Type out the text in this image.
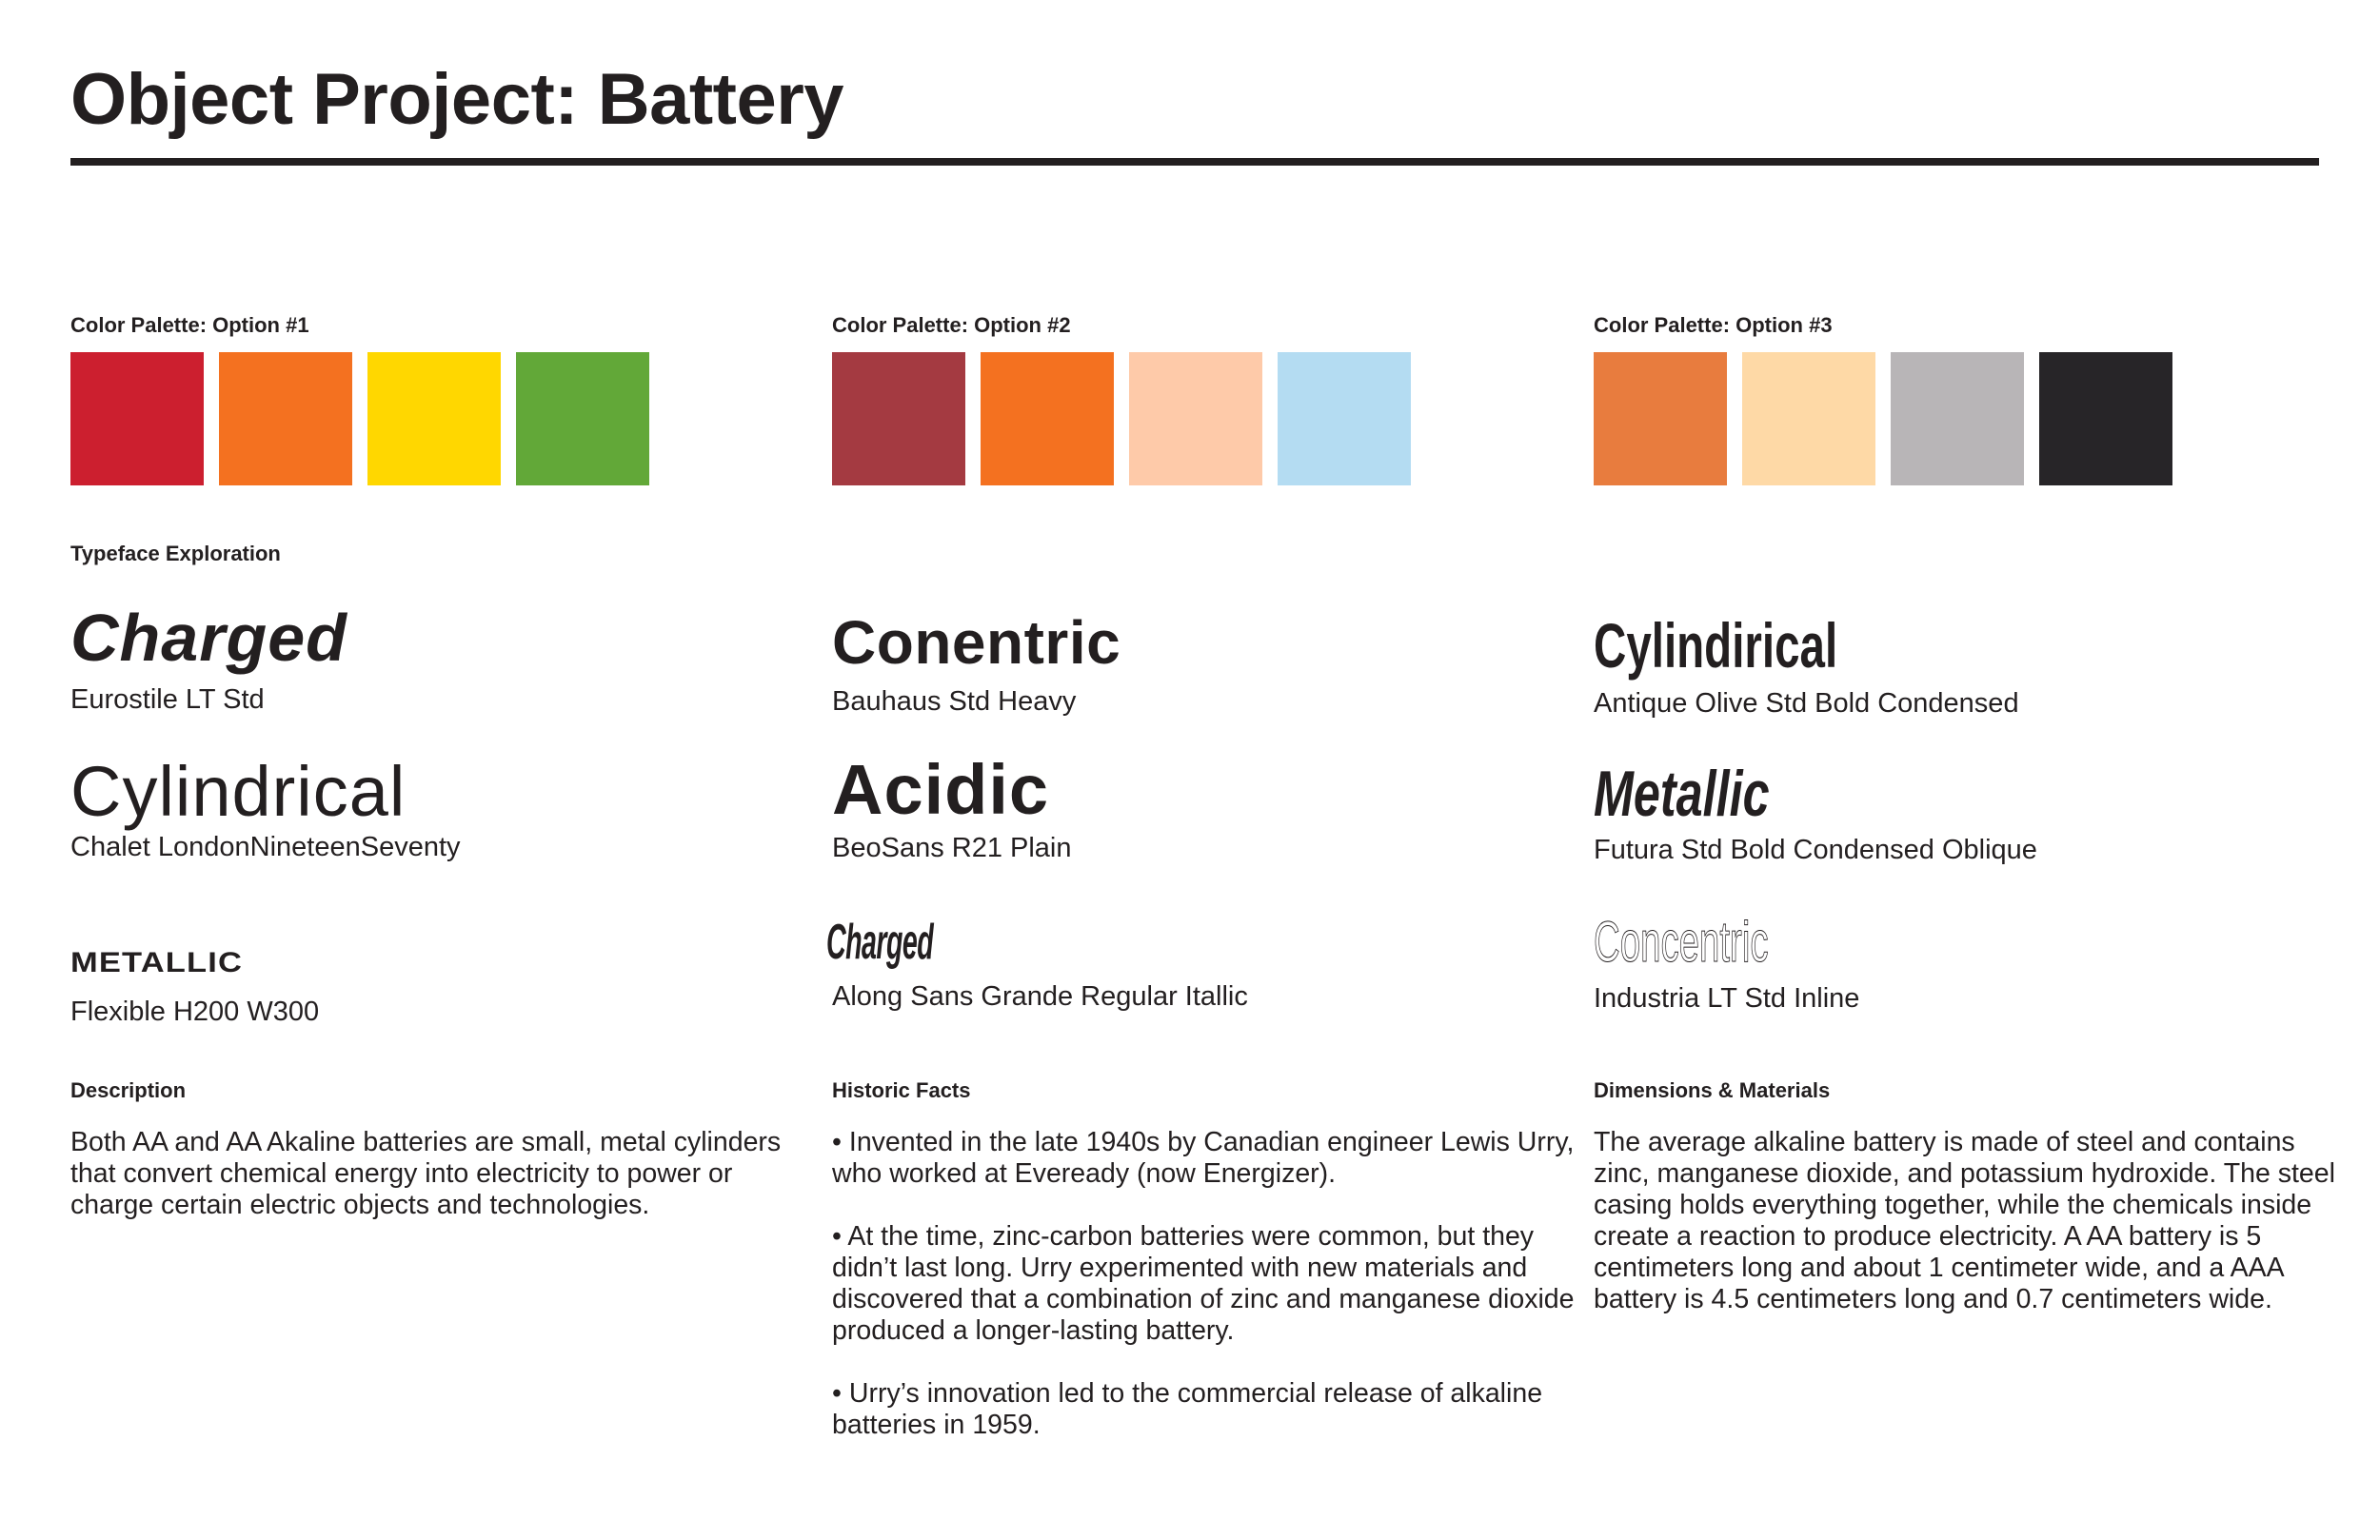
Object Project: Battery

Color Palette: Option #1

Typeface Exploration

Charged
Eurostile LT Std
Cylindrical
Chalet LondonNineteenSeventy
METALLIC
Flexible H200 W300

Description

Both AA and AA Akaline batteries are small, metal cylinders that convert chemical energy into electricity to power or charge certain electric objects and technologies.

Color Palette: Option #2

Conentric
Bauhaus Std Heavy
Acidic
BeoSans R21 Plain
Charged
Along Sans Grande Regular Itallic

Historic Facts

• Invented in the late 1940s by Canadian engineer Lewis Urry, who worked at Eveready (now Energizer).

• At the time, zinc-carbon batteries were common, but they didn’t last long. Urry experimented with new materials and discovered that a combination of zinc and manganese dioxide produced a longer-lasting battery.

• Urry’s innovation led to the commercial release of alkaline batteries in 1959.

Color Palette: Option #3

Cylindirical
Antique Olive Std Bold Condensed
Metallic
Futura Std Bold Condensed Oblique
Concentric
Industria LT Std Inline

Dimensions & Materials

The average alkaline battery is made of steel and contains zinc, manganese dioxide, and potassium hydroxide. The steel casing holds everything together, while the chemicals inside create a reaction to produce electricity. A AA battery is 5 centimeters long and about 1 centimeter wide, and a AAA battery is 4.5 centimeters long and 0.7 centimeters wide.
